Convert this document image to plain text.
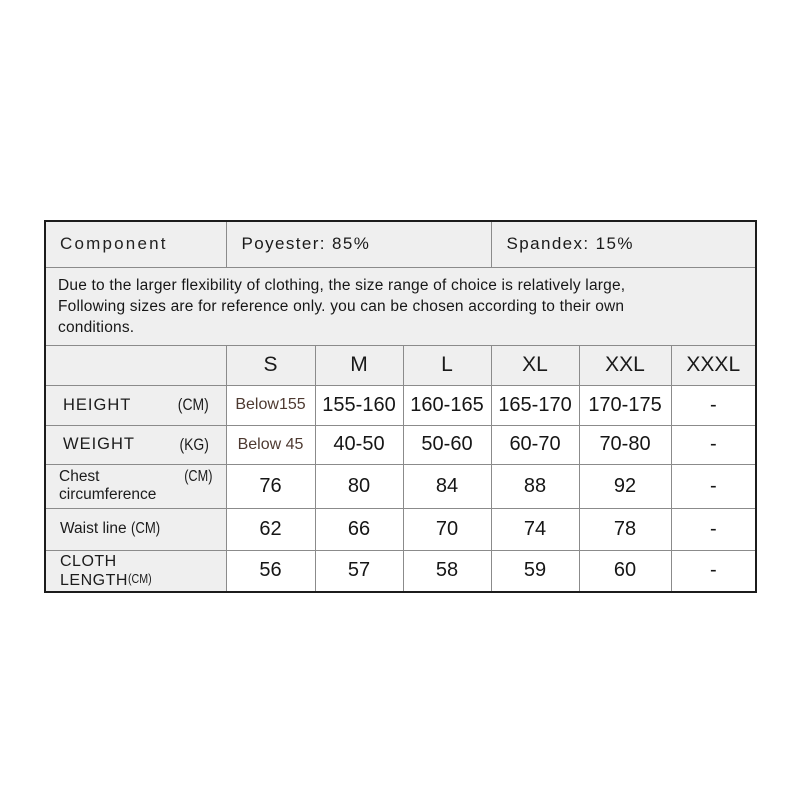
Component	Poyester: 85%			Spandex: 15%		

Due to the larger flexibility of clothing, the size range of choice is relatively large,
Following sizes are for reference only. you can be chosen according to their own
conditions.						

	S	M	L	XL	XXL	XXXL

HEIGHT (CM)	Below155	155-160	160-165	165-170	170-175	-

WEIGHT (KG)	Below 45	40-50	50-60	60-70	70-80	-

Chest (CM)
circumference	76	80	84	88	92	-

Waist line (CM)	62	66	70	74	78	-

CLOTH
LENGTH(CM)	56	57	58	59	60	-
